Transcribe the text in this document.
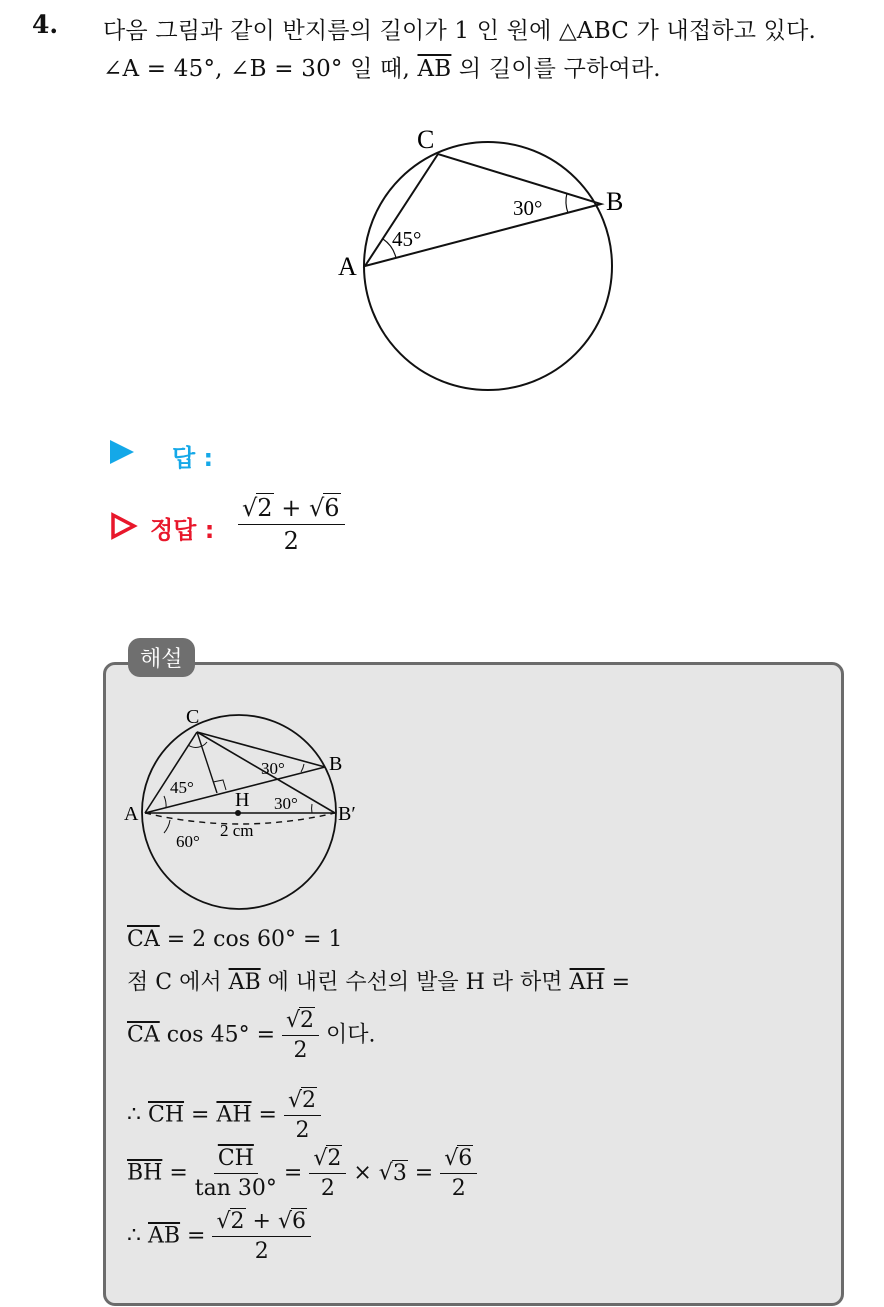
4. 다음 그림과 같이 반지름의 길이가 1 인 원에 △ABC 가 내접하고 있다.
∠A = 45°, ∠B = 30° 일 때, $\overline{AB}$ 의 길이를 구하여라.
C
B
A
45°
30°
답 :
정답 : $\frac{√2 + √6}{2}$
해설
C
B
A
H
B′
45°
30°
30°
60°
2 cm
$\overline{CA} = 2$ cos 60° = 1
점 C 에서 $\overline{AB}$ 에 내린 수선의 발을 H 라 하면 $\overline{AH}$ =
$\overline{CA}$ $\cos 45^\circ = \frac{√2}{2}$ 이다.
∴ $\overline{CH} = \overline{AH} = \frac{√2}{2}$
$\overline{BH} = \frac{\overline{CH}}{\tan 30^\circ} = \frac{√2}{2} \times √3 = \frac{√6}{2}$
∴ $\overline{AB} = \frac{√2 + √6}{2}$
